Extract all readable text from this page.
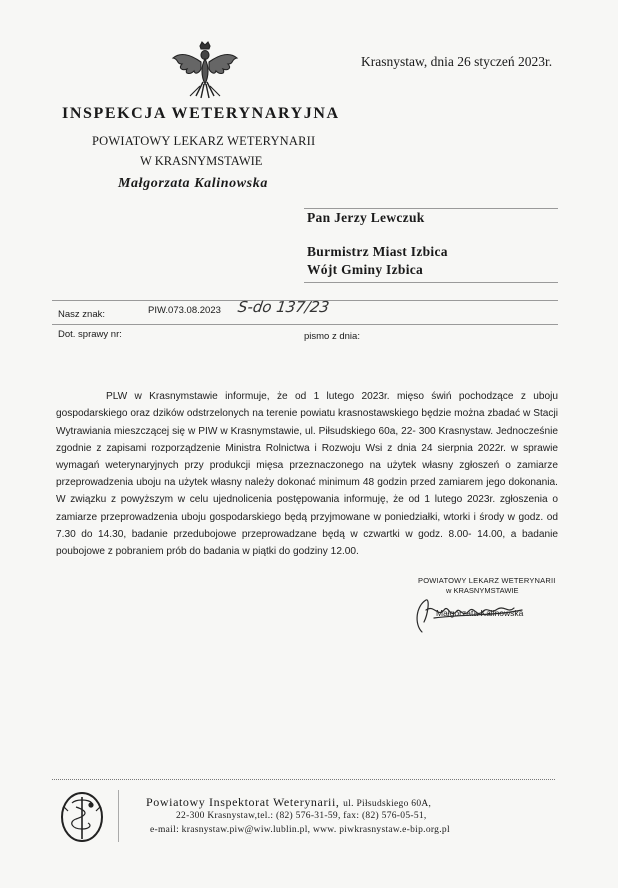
Krasnystaw, dnia 26 styczeń 2023r.
INSPEKCJA WETERYNARYJNA
POWIATOWY LEKARZ WETERYNARII
W KRASNYMSTAWIE
Małgorzata Kalinowska
Pan Jerzy Lewczuk
Burmistrz Miast Izbica
Wójt Gminy Izbica
Nasz znak:	PIW.073.08.2023 S-do 137/23
Dot. sprawy nr:	pismo z dnia:

PLW w Krasnymstawie informuje, że od 1 lutego 2023r. mięso świń pochodzące z uboju gospodarskiego oraz dzików odstrzelonych na terenie powiatu krasnostawskiego będzie można zbadać w Stacji Wytrawiania mieszczącej się w PIW w Krasnymstawie, ul. Piłsudskiego 60a, 22- 300 Krasnystaw. Jednocześnie zgodnie z zapisami rozporządzenie Ministra Rolnictwa i Rozwoju Wsi z dnia 24 sierpnia 2022r. w sprawie wymagań weterynaryjnych przy produkcji mięsa przeznaczonego na użytek własny zgłoszeń o zamiarze przeprowadzenia uboju na użytek własny należy dokonać minimum 48 godzin przed zamiarem jego dokonania. W związku z powyższym w celu ujednolicenia postępowania informuję, że od 1 lutego 2023r. zgłoszenia o zamiarze przeprowadzenia uboju gospodarskiego będą przyjmowane w poniedziałki, wtorki i środy w godz. od 7.30 do 14.30, badanie przedubojowe przeprowadzane będą w czwartki w godz. 8.00- 14.00, a badanie poubojowe z pobraniem prób do badania w piątki do godziny 12.00.

POWIATOWY LEKARZ WETERYNARII
w KRASNYMSTAWIE
Małgorzata Kalinowska
Powiatowy Inspektorat Weterynarii, ul. Piłsudskiego 60A,
22-300 Krasnystaw,tel.: (82) 576-31-59, fax: (82) 576-05-51,
e-mail: krasnystaw.piw@wiw.lublin.pl, www. piwkrasnystaw.e-bip.org.pl
